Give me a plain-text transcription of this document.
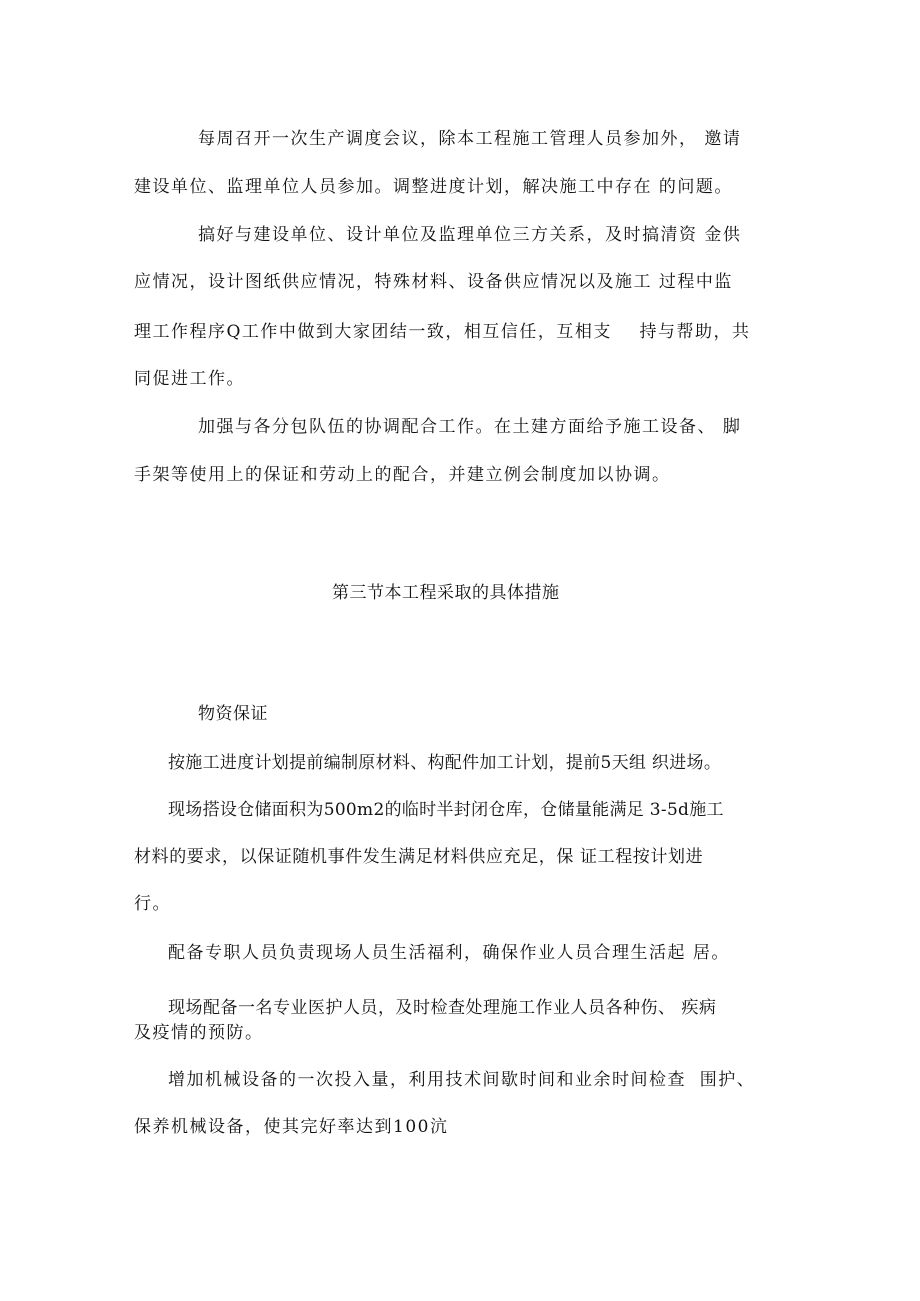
每周召开一次生产调度会议，除本工程施工管理人员参加外， 邀请

建设单位、监理单位人员参加。调整进度计划，解决施工中存在 的问题。

搞好与建设单位、设计单位及监理单位三方关系，及时搞清资 金供

应情况，设计图纸供应情况，特殊材料、设备供应情况以及施工 过程中监

理工作程序Q工作中做到大家团结一致，相互信任，互相支    持与帮助，共

同促进工作。

加强与各分包队伍的协调配合工作。在土建方面给予施工设备、 脚

手架等使用上的保证和劳动上的配合，并建立例会制度加以协调。

第三节本工程采取的具体措施

物资保证

按施工进度计划提前编制原材料、构配件加工计划，提前5天组 织进场。

现场搭设仓储面积为500m2的临时半封闭仓库，仓储量能满足 3-5d施工

材料的要求，以保证随机事件发生满足材料供应充足，保 证工程按计划进

行。

配备专职人员负责现场人员生活福利，确保作业人员合理生活起 居。

现场配备一名专业医护人员，及时检查处理施工作业人员各种伤、 疾病

及疫情的预防。

增加机械设备的一次投入量，利用技术间歇时间和业余时间检查  围护、

保养机械设备，使其完好率达到100沆
